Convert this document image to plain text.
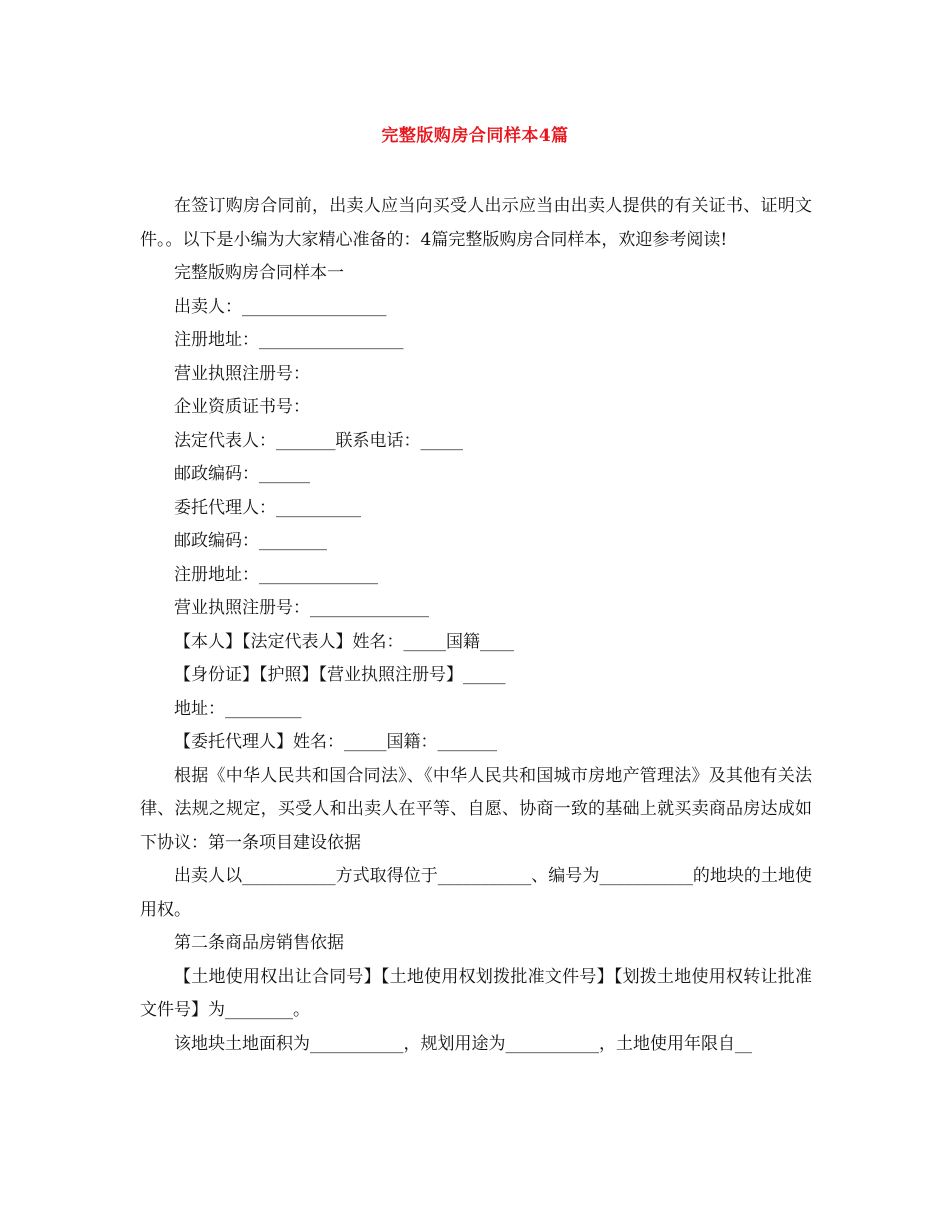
完整版购房合同样本4篇

在签订购房合同前，出卖人应当向买受人出示应当由出卖人提供的有关证书、证明文件。。以下是小编为大家精心准备的：4篇完整版购房合同样本，欢迎参考阅读!

完整版购房合同样本一

出卖人：_________________

注册地址：_________________

营业执照注册号：

企业资质证书号：

法定代表人：_______联系电话：_____

邮政编码：______

委托代理人：__________

邮政编码：________

注册地址：______________

营业执照注册号：______________

【本人】【法定代表人】姓名：_____国籍____

【身份证】【护照】【营业执照注册号】_____

地址：_________

【委托代理人】姓名：_____国籍：_______

根据《中华人民共和国合同法》、《中华人民共和国城市房地产管理法》及其他有关法律、法规之规定，买受人和出卖人在平等、自愿、协商一致的基础上就买卖商品房达成如下协议：第一条项目建设依据

出卖人以___________方式取得位于___________、编号为___________的地块的土地使用权。

第二条商品房销售依据

【土地使用权出让合同号】【土地使用权划拨批准文件号】【划拨土地使用权转让批准文件号】为________。

该地块土地面积为___________，规划用途为___________，土地使用年限自__
